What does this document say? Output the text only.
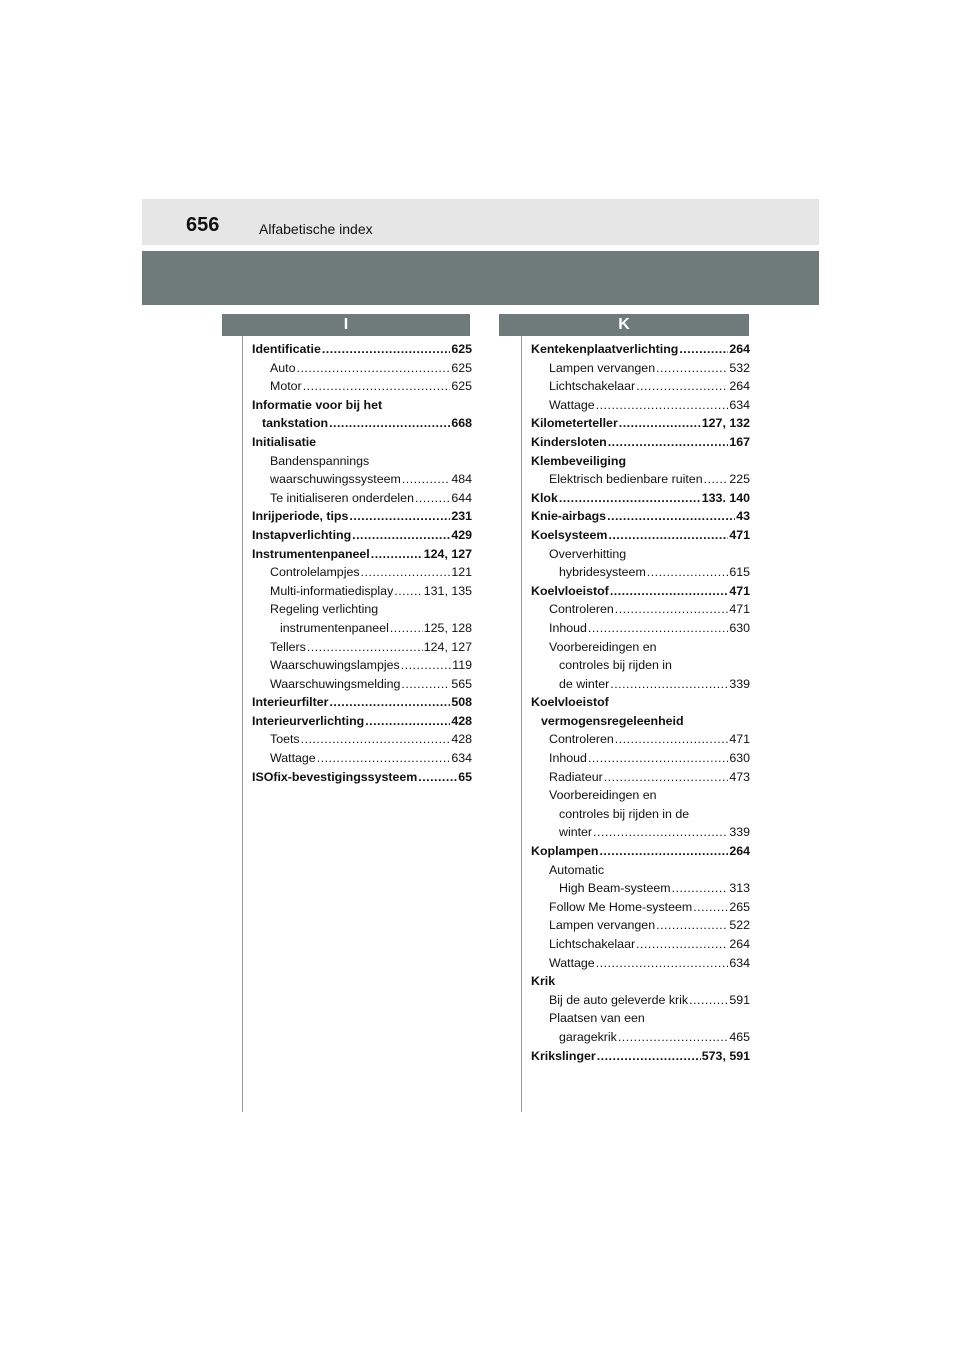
656	Alfabetische index
I	K
Identificatie .....	625
Auto .....	625
Motor .....	625
Informatie voor bij het
tankstation .....	668
Initialisatie
Bandenspannings
waarschuwingssysteem .....	484
Te initialiseren onderdelen .....	644
Inrijperiode, tips .....	231
Instapverlichting .....	429
Instrumentenpaneel .....	124, 127
Controlelampjes .....	121
Multi-informatiedisplay ..... 131, 135
Regeling verlichting
instrumentenpaneel .....	125, 128
Tellers .....	124, 127
Waarschuwingslampjes .....	119
Waarschuwingsmelding .....	565
Interieurfilter .....	508
Interieurverlichting .....	428
Toets .....	428
Wattage .....	634
ISOfix-bevestigingssysteem .....	65
Kentekenplaatverlichting .....	264
Lampen vervangen .....	532
Lichtschakelaar .....	264
Wattage .....	634
Kilometerteller .....	127, 132
Kindersloten .....	167
Klembeveiliging
Elektrisch bedienbare ruiten ..... 225
Klok .....	133. 140
Knie-airbags .....	43
Koelsysteem .....	471
Oververhitting
hybridesysteem .....	615
Koelvloeistof .....	471
Controleren .....	471
Inhoud .....	630
Voorbereidingen en
controles bij rijden in
de winter .....	339
Koelvloeistof
vermogensregeleenheid
Controleren .....	471
Inhoud .....	630
Radiateur .....	473
Voorbereidingen en
controles bij rijden in de
winter .....	339
Koplampen .....	264
Automatic
High Beam-systeem .....	313
Follow Me Home-systeem .....	265
Lampen vervangen .....	522
Lichtschakelaar .....	264
Wattage .....	634
Krik
Bij de auto geleverde krik .....	591
Plaatsen van een
garagekrik .....	465
Krikslinger .....	573, 591
